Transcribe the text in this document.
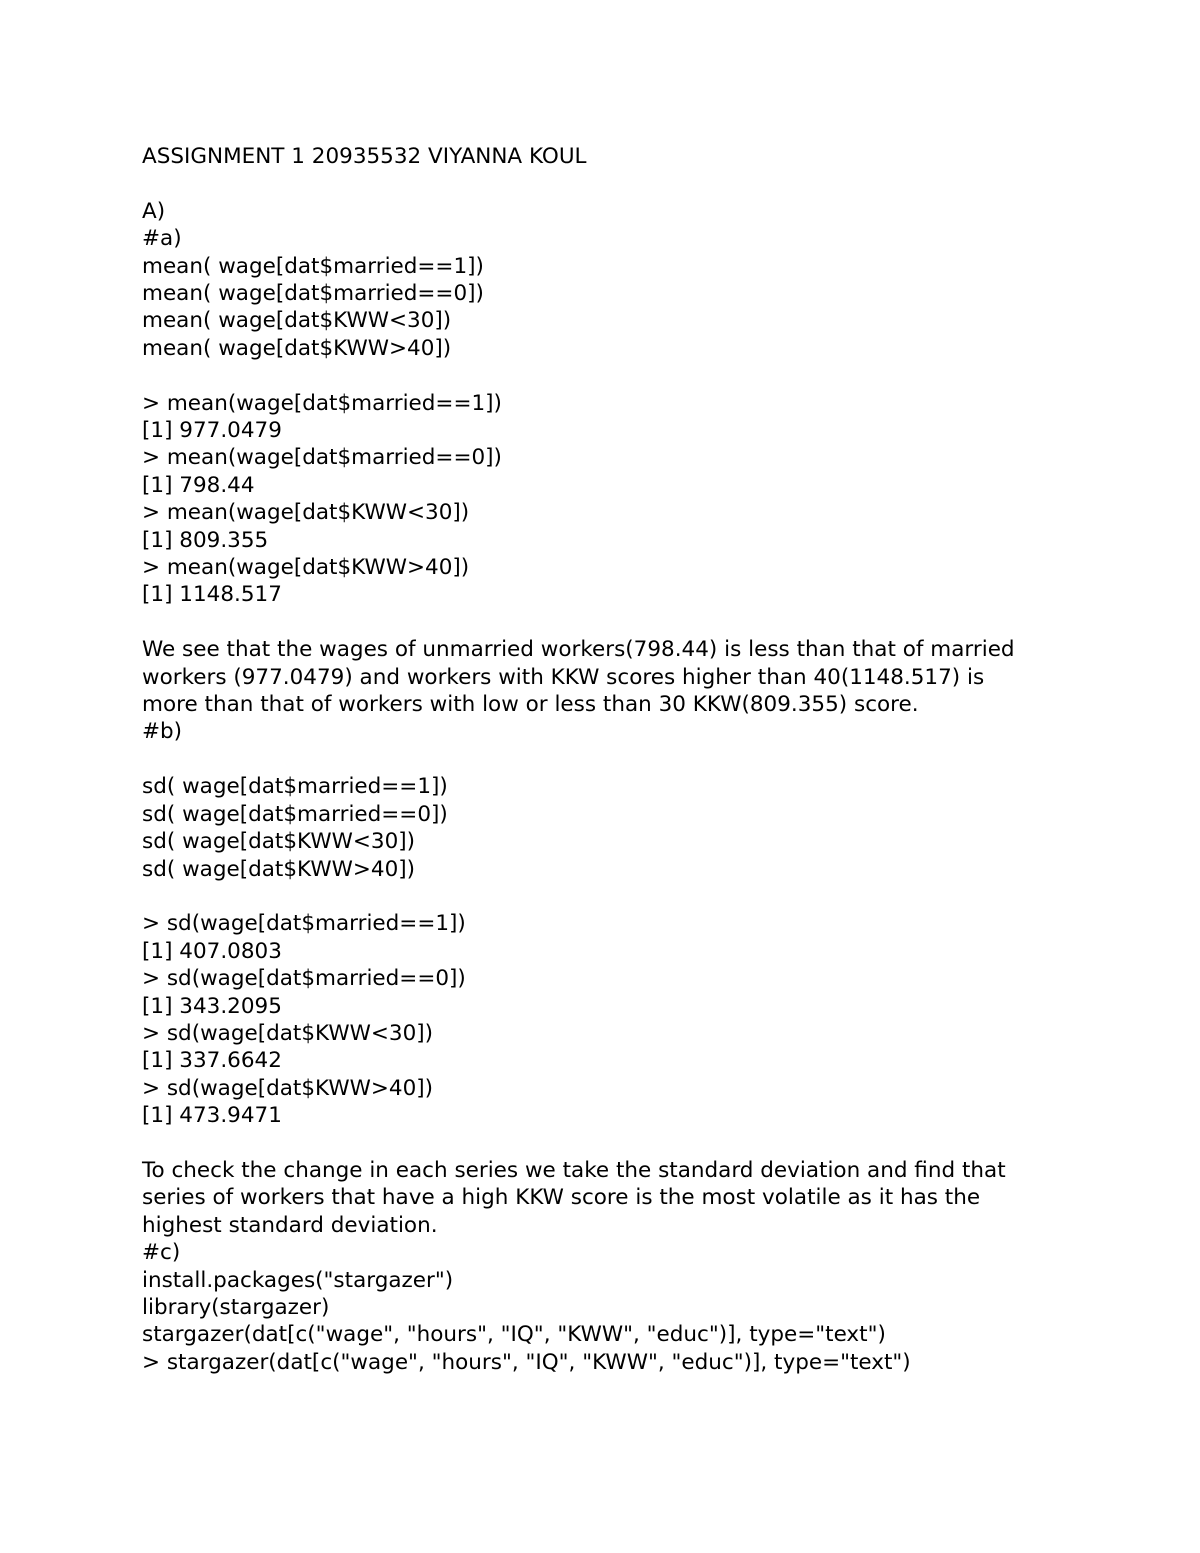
ASSIGNMENT 1 20935532 VIYANNA KOUL
A)
#a)
mean( wage[dat$married==1])
mean( wage[dat$married==0])
mean( wage[dat$KWW<30])
mean( wage[dat$KWW>40])
> mean(wage[dat$married==1])
[1] 977.0479
> mean(wage[dat$married==0])
[1] 798.44
> mean(wage[dat$KWW<30])
[1] 809.355
> mean(wage[dat$KWW>40])
[1] 1148.517
We see that the wages of unmarried workers(798.44) is less than that of married workers (977.0479) and workers with KKW scores higher than 40(1148.517) is more than that of workers with low or less than 30 KKW(809.355) score.
#b)
sd( wage[dat$married==1])
sd( wage[dat$married==0])
sd( wage[dat$KWW<30])
sd( wage[dat$KWW>40])
> sd(wage[dat$married==1])
[1] 407.0803
> sd(wage[dat$married==0])
[1] 343.2095
> sd(wage[dat$KWW<30])
[1] 337.6642
> sd(wage[dat$KWW>40])
[1] 473.9471
To check the change in each series we take the standard deviation and find that series of workers that have a high KKW score is the most volatile as it has the highest standard deviation.
#c)
install.packages("stargazer")
library(stargazer)
stargazer(dat[c("wage", "hours", "IQ", "KWW", "educ")], type="text")
> stargazer(dat[c("wage", "hours", "IQ", "KWW", "educ")], type="text")
